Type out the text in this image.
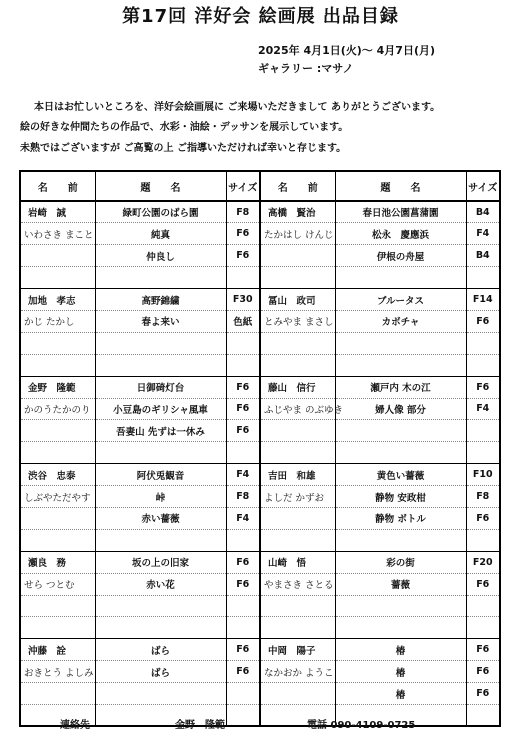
第17回 洋好会 絵画展 出品目録
2025年 4月1日(火)～ 4月7日(月)
ギャラリー :マサノ
本日はお忙しいところを、洋好会絵画展に ご来場いただきまして ありがとうございます。
絵の好きな仲間たちの作品で、水彩・油絵・デッサンを展示しています。
未熟ではございますが ご高覧の上 ご指導いただければ幸いと存じます。
名　　前	題　　名	サイズ	名　　前	題　　名	サイズ
岩崎　誠	緑町公園のばら園	F8	高橋　賢治	春日池公園菖蒲園	B4
いわさき まこと	純真	F6	たかはし けんじ	松永　慶應浜	F4
	仲良し	F6		伊根の舟屋	B4

加地　孝志	高野錦繍	F30	冨山　政司	ブルータス	F14
かじ たかし	春よ来い	色紙	とみやま まさし	カボチャ	F6

金野　隆範	日御碕灯台	F6	藤山　信行	瀬戸内 木の江	F6
かのうたかのり	小豆島のギリシャ風車	F6	ふじやま のぶゆき	婦人像 部分	F4
	吾妻山 先ずは一休み	F6			

渋谷　忠泰	阿伏兎観音	F4	吉田　和雄	黄色い薔薇	F10
しぶやただやす	峠	F8	よしだ かずお	静物 安政柑	F8
	赤い薔薇	F4		静物 ボトル	F6

瀬良　務	坂の上の旧家	F6	山崎　悟	彩の街	F20
せら つとむ	赤い花	F6	やまさき さとる	薔薇	F6

沖藤　詮	ばら	F6	中岡　陽子	椿	F6
おきとう よしみ	ばら	F6	なかおか ようこ	椿	F6
				椿	F6

連絡先	金野　隆範	電話 090-4109-0725
